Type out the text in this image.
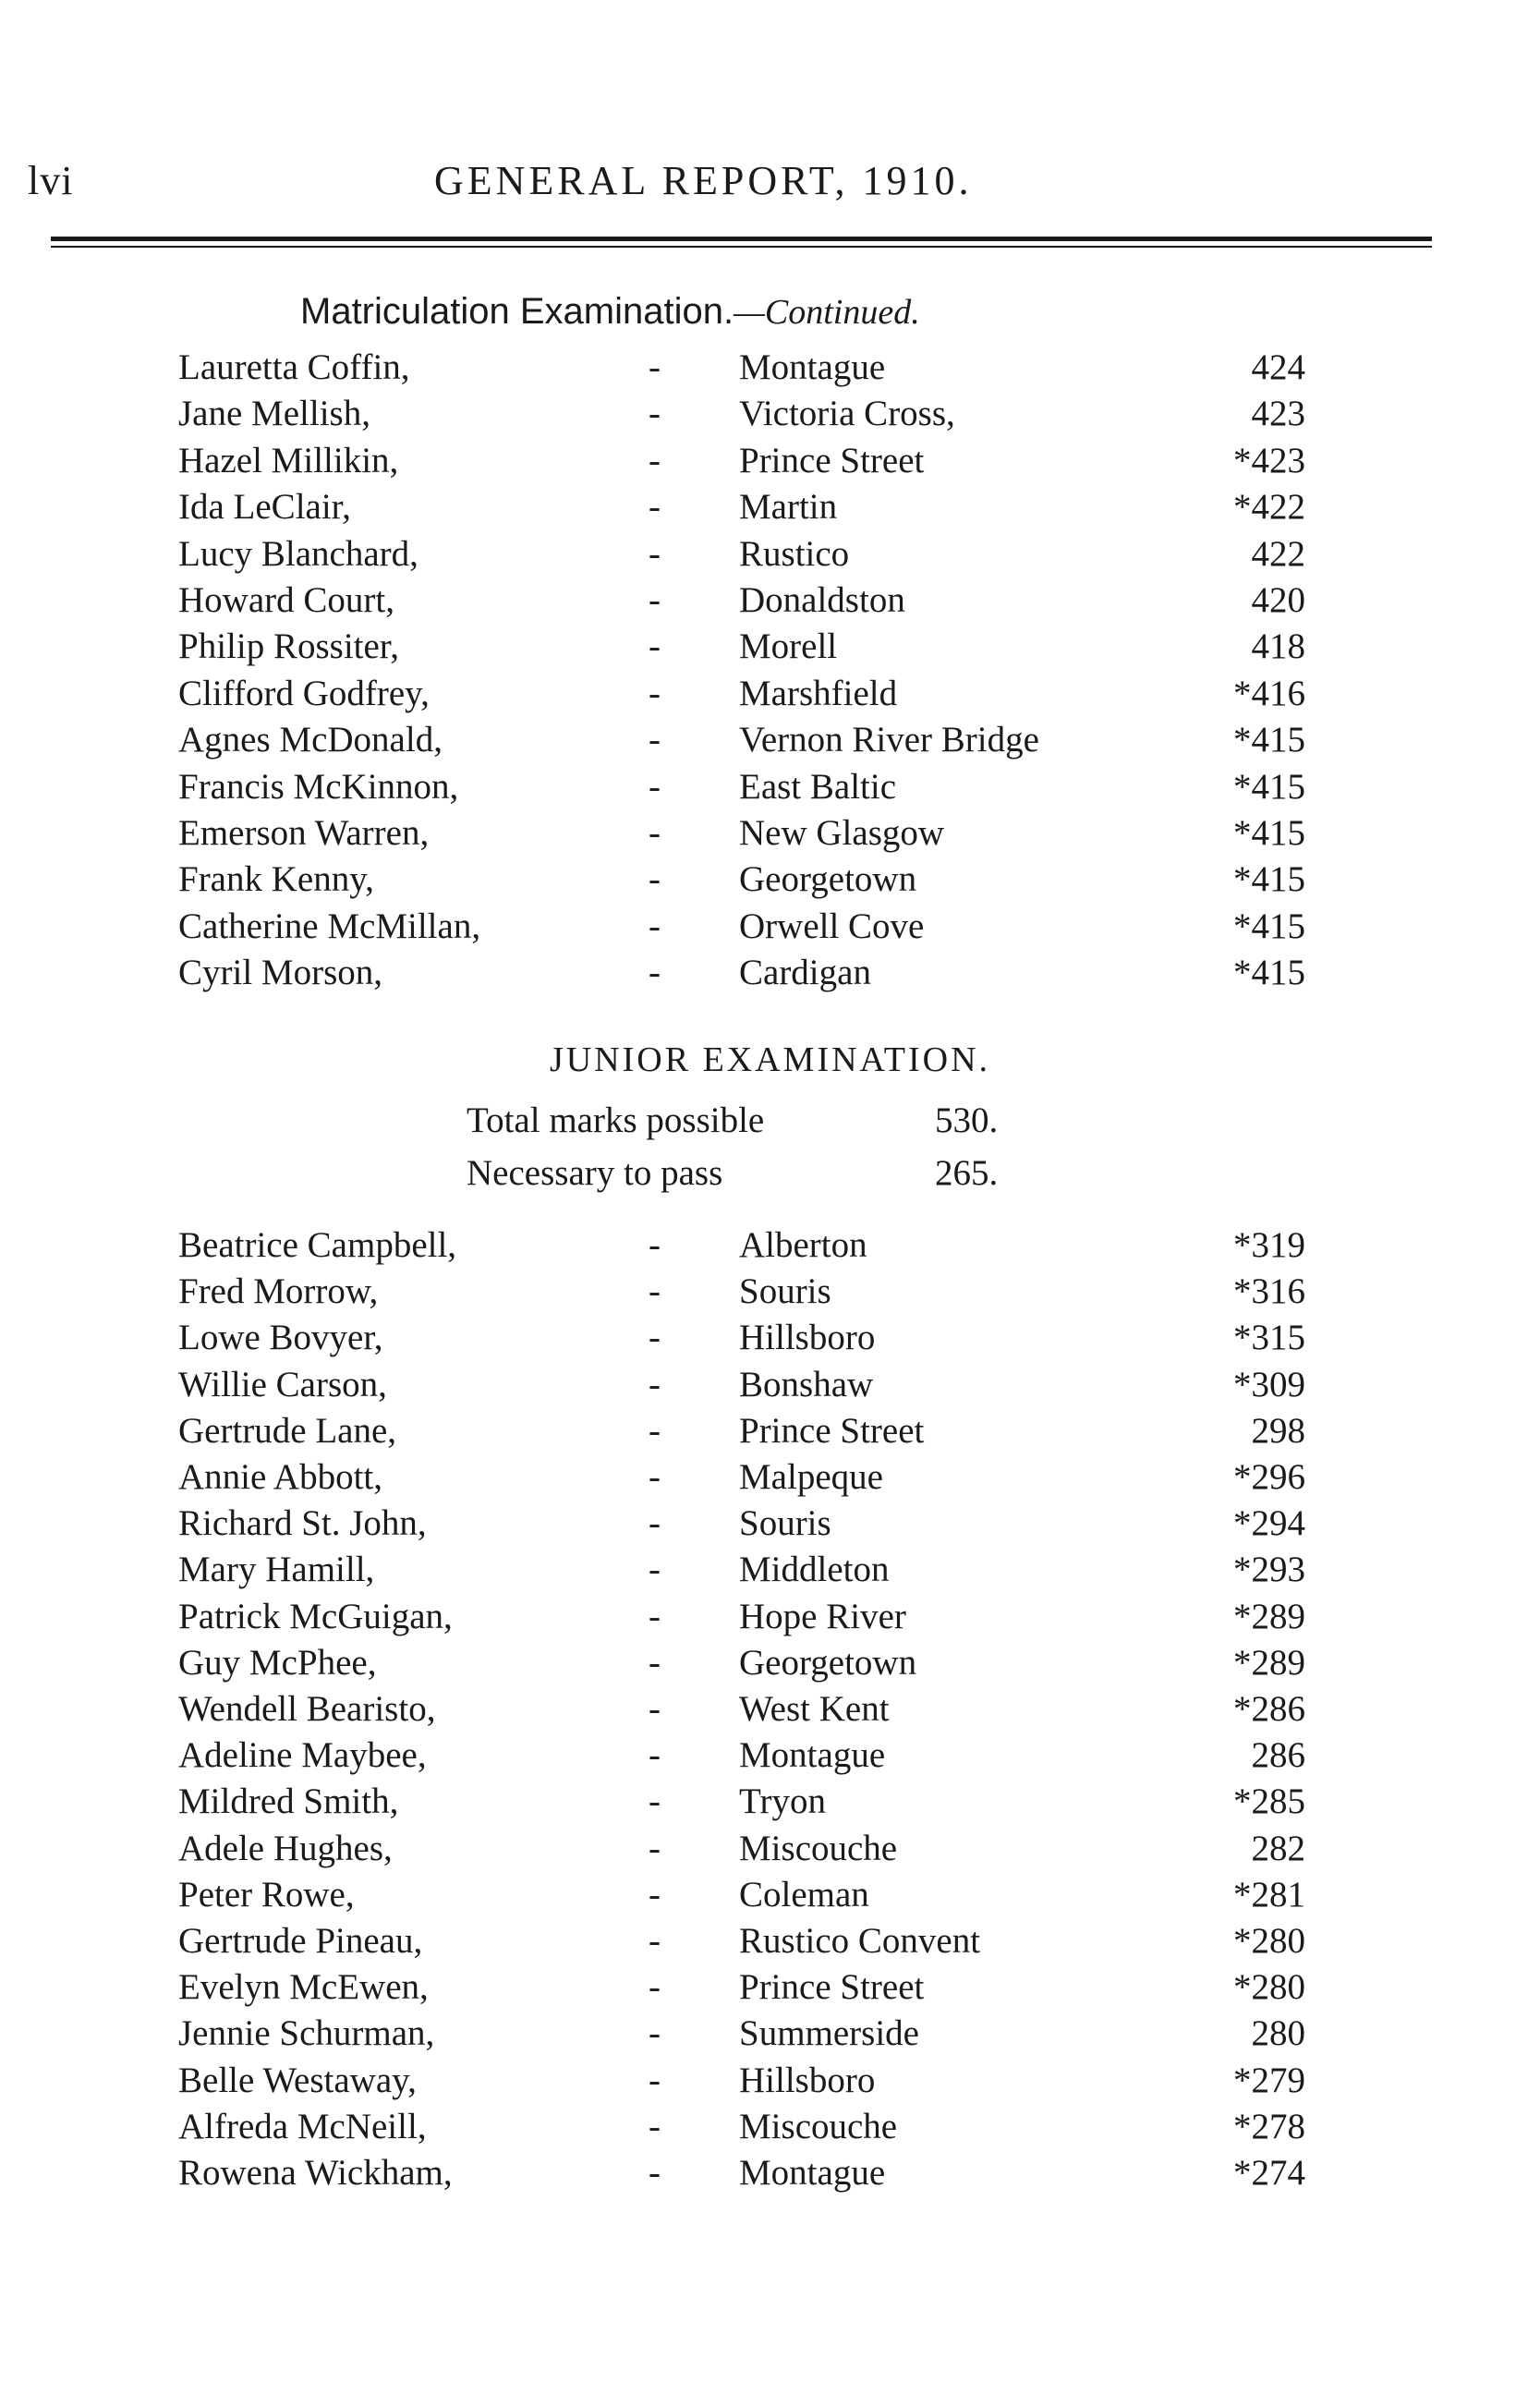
lvi	GENERAL REPORT, 1910.
Matriculation Examination.—Continued.
Lauretta Coffin,	- Montague	424
Jane Mellish,	- Victoria Cross,	423
Hazel Millikin,	- Prince Street	*423
Ida LeClair,	- Martin	*422
Lucy Blanchard,	- Rustico	422
Howard Court,	- Donaldston	420
Philip Rossiter,	- Morell	418
Clifford Godfrey,	- Marshfield	*416
Agnes McDonald,	- Vernon River Bridge	*415
Francis McKinnon,	- East Baltic	*415
Emerson Warren,	- New Glasgow	*415
Frank Kenny,	- Georgetown	*415
Catherine McMillan,	- Orwell Cove	*415
Cyril Morson,	- Cardigan	*415
JUNIOR EXAMINATION.
Total marks possible	530.
Necessary to pass	265.
Beatrice Campbell,	- Alberton	*319
Fred Morrow,	- Souris	*316
Lowe Bovyer,	- Hillsboro	*315
Willie Carson,	- Bonshaw	*309
Gertrude Lane,	- Prince Street	298
Annie Abbott,	- Malpeque	*296
Richard St. John,	- Souris	*294
Mary Hamill,	- Middleton	*293
Patrick McGuigan,	- Hope River	*289
Guy McPhee,	- Georgetown	*289
Wendell Bearisto,	- West Kent	*286
Adeline Maybee,	- Montague	286
Mildred Smith,	- Tryon	*285
Adele Hughes,	- Miscouche	282
Peter Rowe,	- Coleman	*281
Gertrude Pineau,	- Rustico Convent	*280
Evelyn McEwen,	- Prince Street	*280
Jennie Schurman,	- Summerside	280
Belle Westaway,	- Hillsboro	*279
Alfreda McNeill,	- Miscouche	*278
Rowena Wickham,	- Montague	*274
